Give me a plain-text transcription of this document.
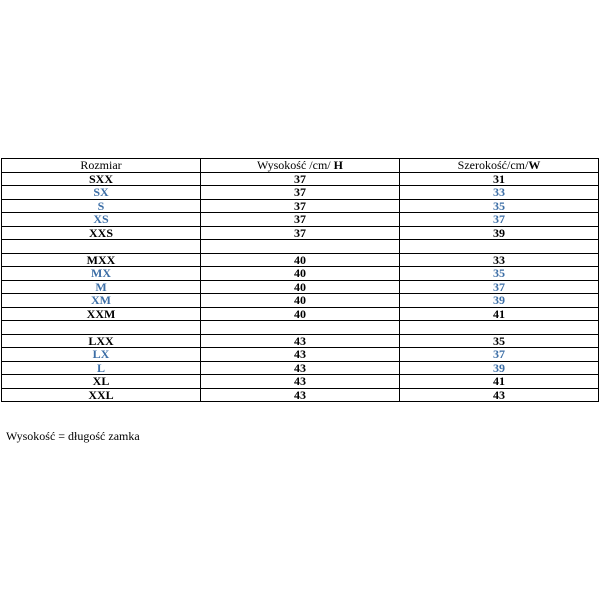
Rozmiar	Wysokość /cm/ H	Szerokość/cm/W
SXX	37	31
SX	37	33
S	37	35
XS	37	37
XXS	37	39

MXX	40	33
MX	40	35
M	40	37
XM	40	39
XXM	40	41

LXX	43	35
LX	43	37
L	43	39
XL	43	41
XXL	43	43
Wysokość = długość zamka
